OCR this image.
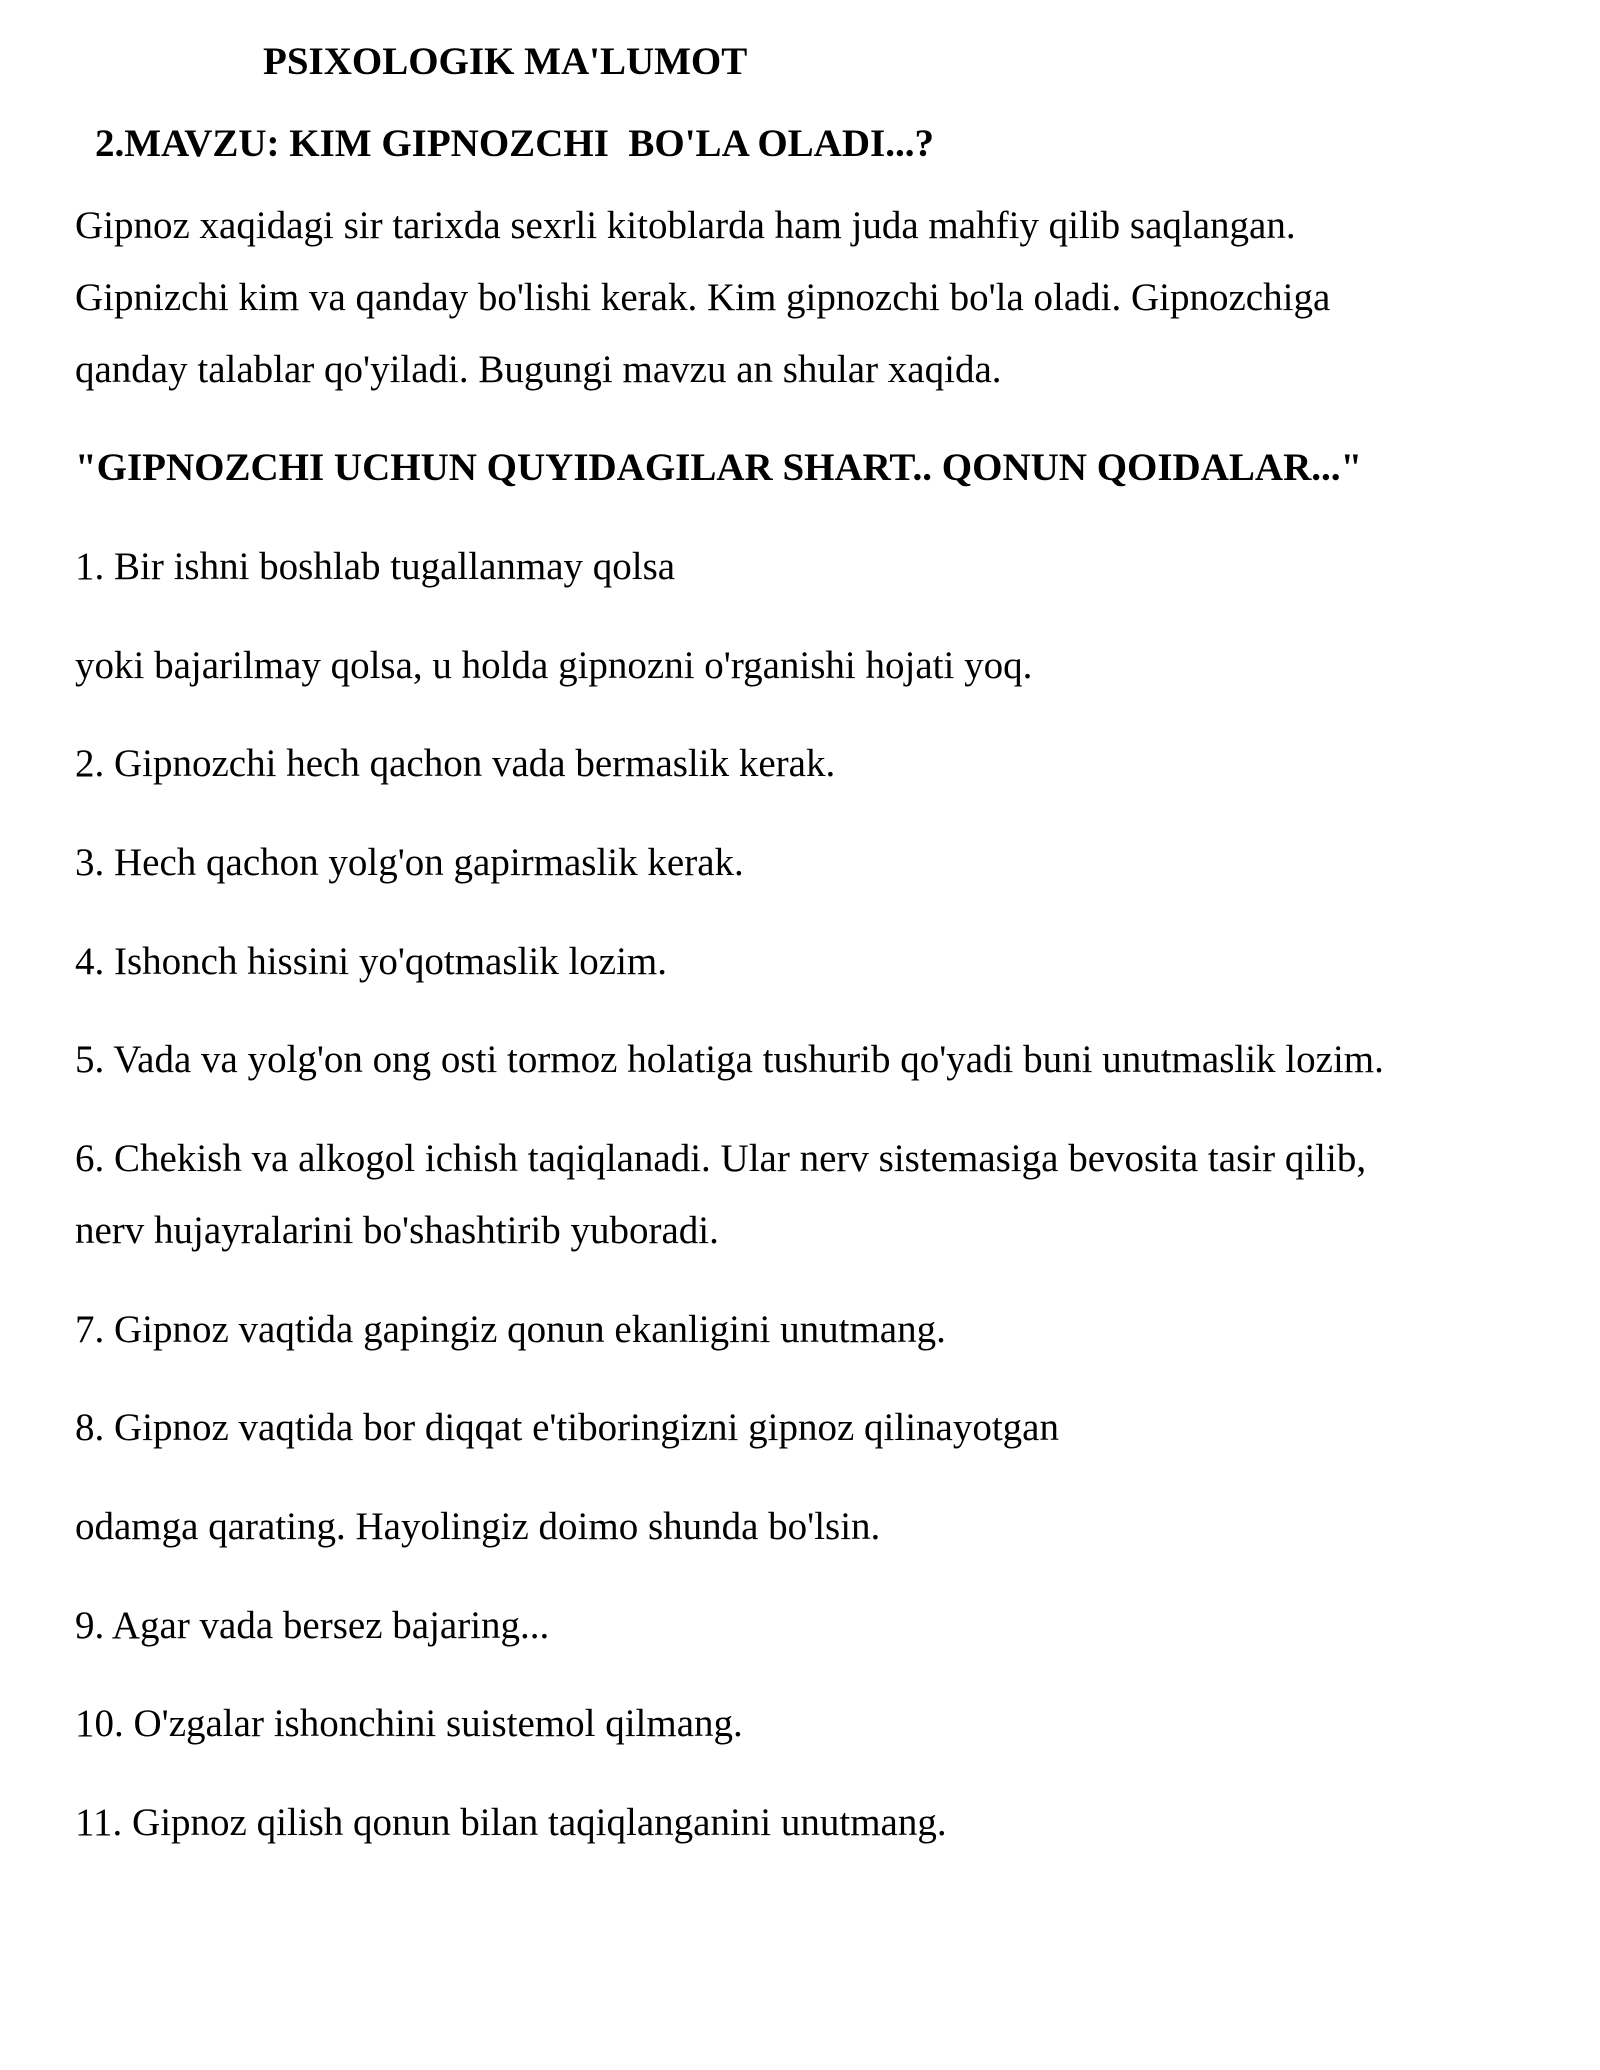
PSIXOLOGIK MA'LUMOT

2.MAVZU: KIM GIPNOZCHI  BO'LA OLADI...?

Gipnoz xaqidagi sir tarixda sexrli kitoblarda ham juda mahfiy qilib saqlangan.

Gipnizchi kim va qanday bo'lishi kerak. Kim gipnozchi bo'la oladi. Gipnozchiga

qanday talablar qo'yiladi. Bugungi mavzu an shular xaqida.

"GIPNOZCHI UCHUN QUYIDAGILAR SHART.. QONUN QOIDALAR..."

1. Bir ishni boshlab tugallanmay qolsa

yoki bajarilmay qolsa, u holda gipnozni o'rganishi hojati yoq.

2. Gipnozchi hech qachon vada bermaslik kerak.

3. Hech qachon yolg'on gapirmaslik kerak.

4. Ishonch hissini yo'qotmaslik lozim.

5. Vada va yolg'on ong osti tormoz holatiga tushurib qo'yadi buni unutmaslik lozim.

6. Chekish va alkogol ichish taqiqlanadi. Ular nerv sistemasiga bevosita tasir qilib,

nerv hujayralarini bo'shashtirib yuboradi.

7. Gipnoz vaqtida gapingiz qonun ekanligini unutmang.

8. Gipnoz vaqtida bor diqqat e'tiboringizni gipnoz qilinayotgan

odamga qarating. Hayolingiz doimo shunda bo'lsin.

9. Agar vada bersez bajaring...

10. O'zgalar ishonchini suistemol qilmang.

11. Gipnoz qilish qonun bilan taqiqlanganini unutmang.
